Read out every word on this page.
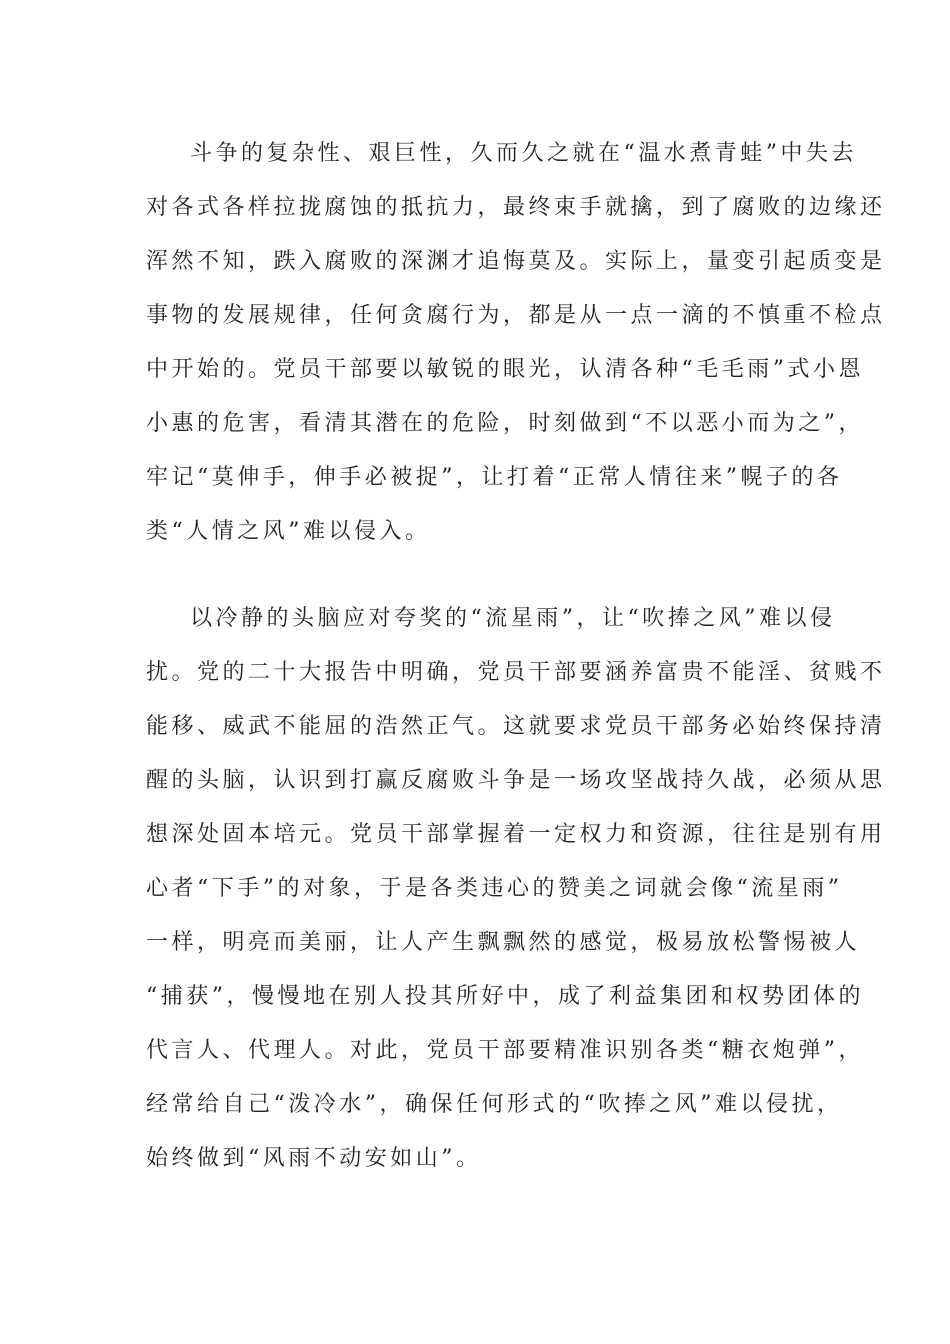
斗争的复杂性、艰巨性，久而久之就在“温水煮青蛙”中失去
对各式各样拉拢腐蚀的抵抗力，最终束手就擒，到了腐败的边缘还
浑然不知，跌入腐败的深渊才追悔莫及。实际上，量变引起质变是
事物的发展规律，任何贪腐行为，都是从一点一滴的不慎重不检点
中开始的。党员干部要以敏锐的眼光，认清各种“毛毛雨”式小恩
小惠的危害，看清其潜在的危险，时刻做到“不以恶小而为之”，
牢记“莫伸手，伸手必被捉”，让打着“正常人情往来”幌子的各
类“人情之风”难以侵入。
以冷静的头脑应对夸奖的“流星雨”，让“吹捧之风”难以侵
扰。党的二十大报告中明确，党员干部要涵养富贵不能淫、贫贱不
能移、威武不能屈的浩然正气。这就要求党员干部务必始终保持清
醒的头脑，认识到打赢反腐败斗争是一场攻坚战持久战，必须从思
想深处固本培元。党员干部掌握着一定权力和资源，往往是别有用
心者“下手”的对象，于是各类违心的赞美之词就会像“流星雨”
一样，明亮而美丽，让人产生飘飘然的感觉，极易放松警惕被人
“捕获”，慢慢地在别人投其所好中，成了利益集团和权势团体的
代言人、代理人。对此，党员干部要精准识别各类“糖衣炮弹”，
经常给自己“泼冷水”，确保任何形式的“吹捧之风”难以侵扰，
始终做到“风雨不动安如山”。
